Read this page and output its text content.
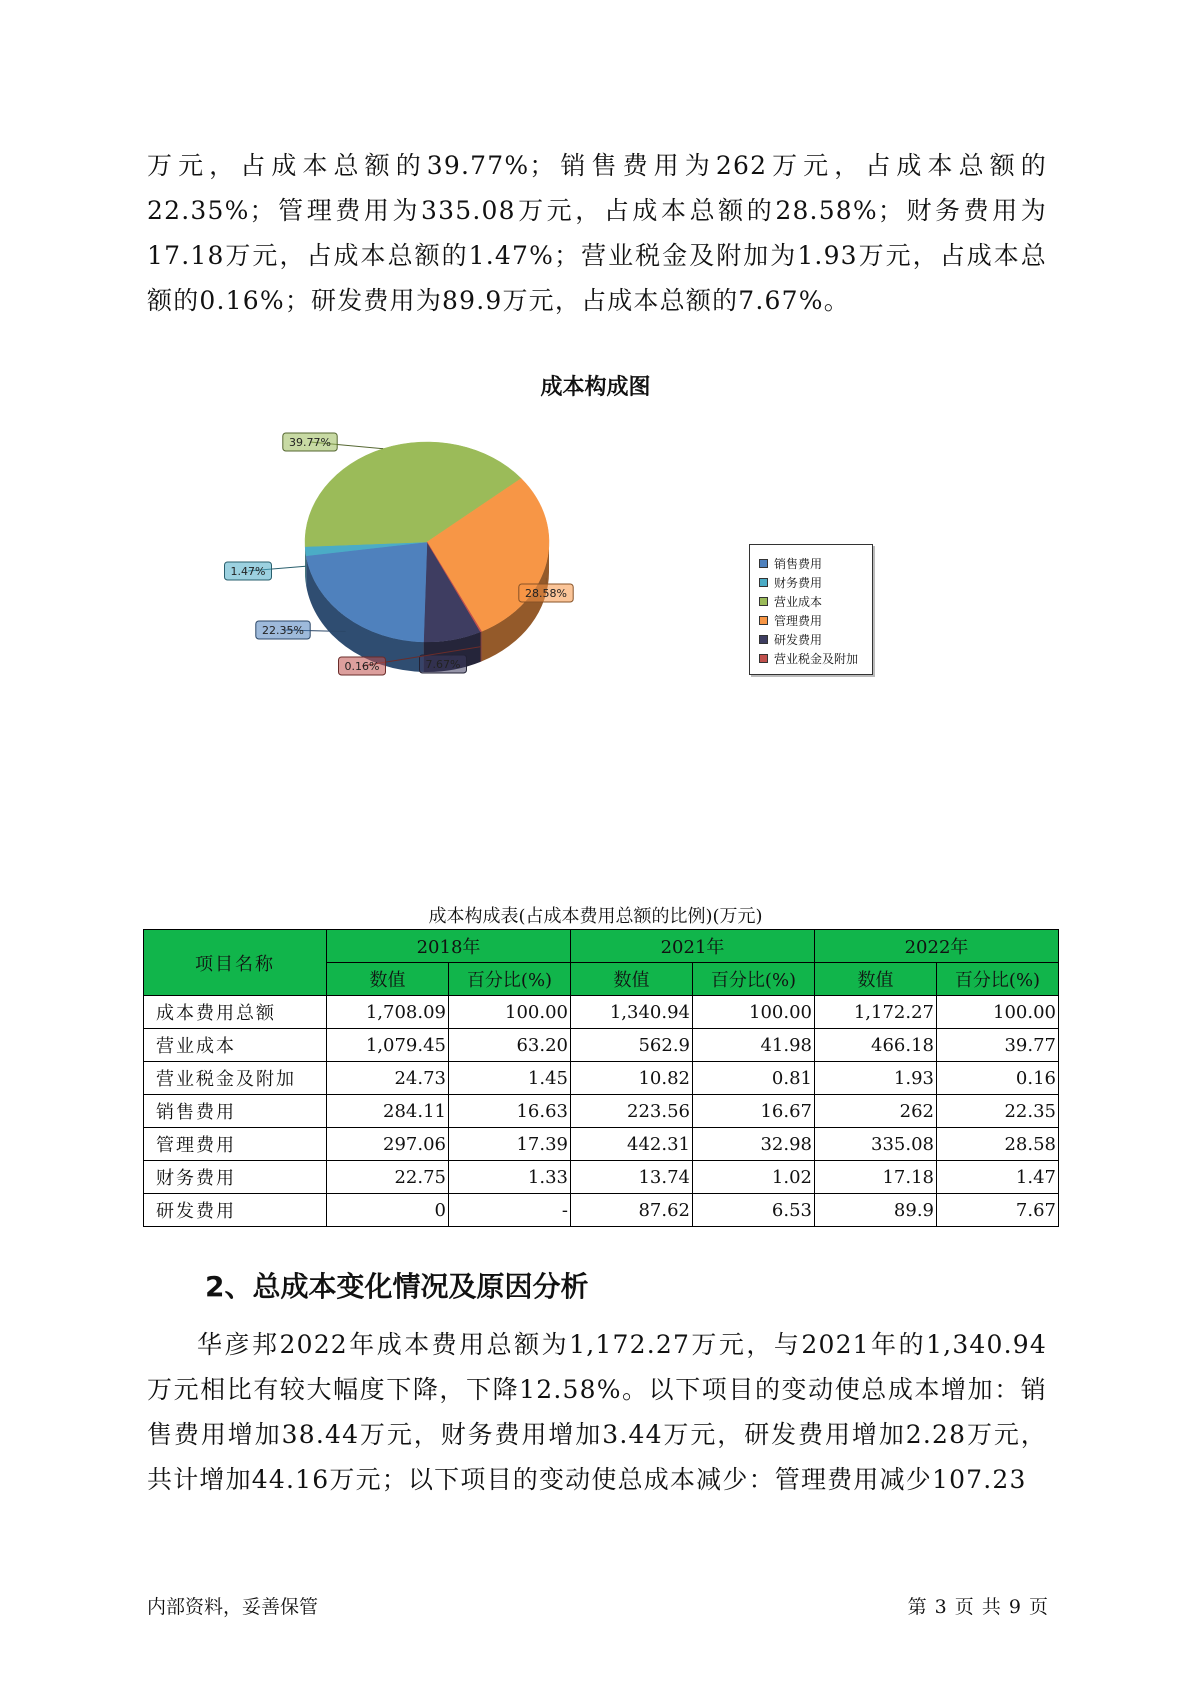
万元，占成本总额的39.77%；销售费用为262万元，占成本总额的22.35%；管理费用为335.08万元，占成本总额的28.58%；财务费用为17.18万元，占成本总额的1.47%；营业税金及附加为1.93万元，占成本总额的0.16%；研发费用为89.9万元，占成本总额的7.67%。

成本构成图
7.67%
22.35%
1.47%
39.77%
28.58%
0.16%
销售费用
财务费用
营业成本
管理费用
研发费用
营业税金及附加
成本构成表(占成本费用总额的比例)(万元)
项目名称	2018年		2021年		2022年	
	数值	百分比(%)	数值	百分比(%)	数值	百分比(%)
成本费用总额	1,708.09	100.00	1,340.94	100.00	1,172.27	100.00
营业成本	1,079.45	63.20	562.9	41.98	466.18	39.77
营业税金及附加	24.73	1.45	10.82	0.81	1.93	0.16
销售费用	284.11	16.63	223.56	16.67	262	22.35
管理费用	297.06	17.39	442.31	32.98	335.08	28.58
财务费用	22.75	1.33	13.74	1.02	17.18	1.47
研发费用	0	-	87.62	6.53	89.9	7.67
2、总成本变化情况及原因分析

华彦邦2022年成本费用总额为1,172.27万元，与2021年的1,340.94万元相比有较大幅度下降，下降12.58%。以下项目的变动使总成本增加：销售费用增加38.44万元，财务费用增加3.44万元，研发费用增加2.28万元，共计增加44.16万元；以下项目的变动使总成本减少：管理费用减少107.23

内部资料，妥善保管	第 3 页 共 9 页
